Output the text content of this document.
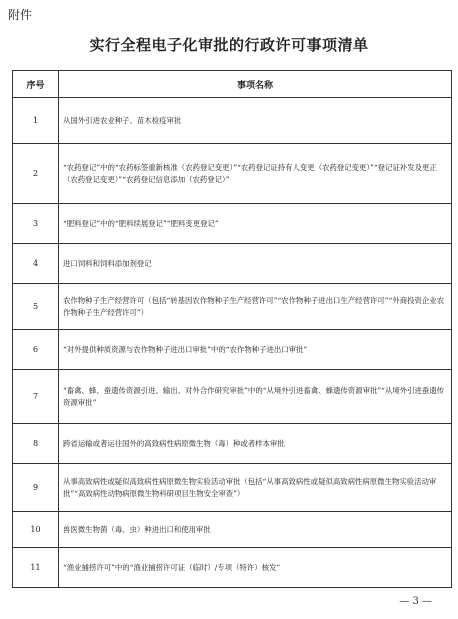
附件
实行全程电子化审批的行政许可事项清单
序号	事项名称
1	从国外引进农业种子、苗木检疫审批
2	“农药登记”中的“农药标签重新核准（农药登记变更）”“农药登记证持有人变更（农药登记变更）”“登记证补发及更正（农药登记变更）”“农药登记信息添加（农药登记）”
3	“肥料登记”中的“肥料续展登记”“肥料变更登记”
4	进口饲料和饲料添加剂登记
5	农作物种子生产经营许可（包括“转基因农作物种子生产经营许可”“农作物种子进出口生产经营许可”“外商投资企业农作物种子生产经营许可”）
6	“对外提供种质资源与农作物种子进出口审批”中的“农作物种子进出口审批”
7	“畜禽、蜂、蚕遗传资源引进、输出、对外合作研究审批”中的“从境外引进畜禽、蜂遗传资源审批”“从境外引进蚕遗传资源审批”
8	跨省运输或者运往国外的高致病性病原微生物（毒）种或者样本审批
9	从事高致病性或疑似高致病性病原微生物实验活动审批（包括“从事高致病性或疑似高致病性病原微生物实验活动审批”“高致病性动物病原微生物科研项目生物安全审查”）
10	兽医微生物菌（毒、虫）种进出口和使用审批
11	“渔业捕捞许可”中的“渔业捕捞许可证（临时）/专项（特许）核发”
— 3 —
